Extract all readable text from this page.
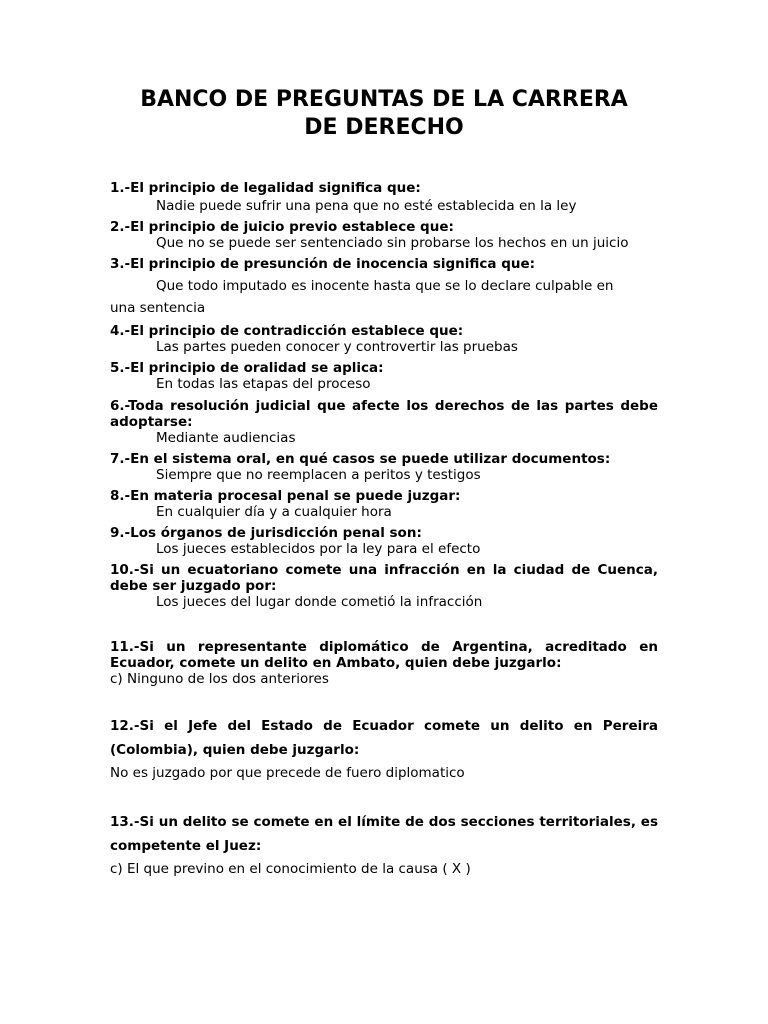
BANCO DE PREGUNTAS DE LA CARRERA
DE DERECHO
1.-El principio de legalidad significa que:
Nadie puede sufrir una pena que no esté establecida en la ley
2.-El principio de juicio previo establece que:
Que no se puede ser sentenciado sin probarse los hechos en un juicio
3.-El principio de presunción de inocencia significa que:
Que todo imputado es inocente hasta que se lo declare culpable en
una sentencia
4.-El principio de contradicción establece que:
Las partes pueden conocer y controvertir las pruebas
5.-El principio de oralidad se aplica:
En todas las etapas del proceso
6.-Toda resolución judicial que afecte los derechos de las partes debe adoptarse:
Mediante audiencias
7.-En el sistema oral, en qué casos se puede utilizar documentos:
Siempre que no reemplacen a peritos y testigos
8.-En materia procesal penal se puede juzgar:
En cualquier día y a cualquier hora
9.-Los órganos de jurisdicción penal son:
Los jueces establecidos por la ley para el efecto
10.-Si un ecuatoriano comete una infracción en la ciudad de Cuenca, debe ser juzgado por:
Los jueces del lugar donde cometió la infracción
11.-Si un representante diplomático de Argentina, acreditado en Ecuador, comete un delito en Ambato, quien debe juzgarlo:
c) Ninguno de los dos anteriores
12.-Si el Jefe del Estado de Ecuador comete un delito en Pereira (Colombia), quien debe juzgarlo:
No es juzgado por que precede de fuero diplomatico
13.-Si un delito se comete en el límite de dos secciones territoriales, es competente el Juez:
c) El que previno en el conocimiento de la causa ( X )
